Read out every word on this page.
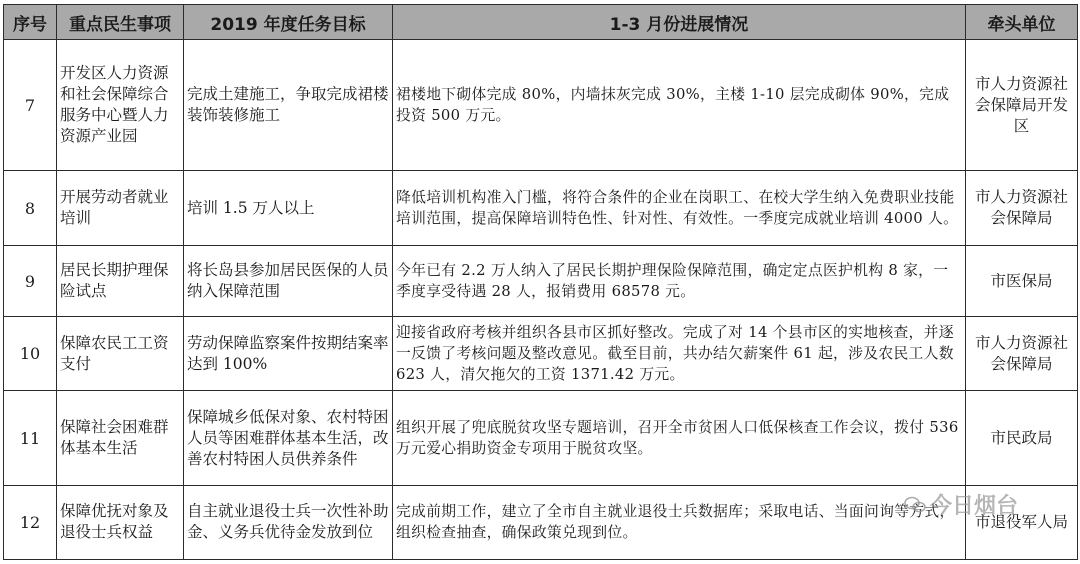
序号	重点民生事项	2019 年度任务目标	1-3 月份进展情况	牵头单位
7	开发区人力资源和社会保障综合服务中心暨人力资源产业园	完成土建施工，争取完成裙楼装饰装修施工	裙楼地下砌体完成 80%，内墙抹灰完成 30%，主楼 1-10 层完成砌体 90%，完成投资 500 万元。	市人力资源社会保障局开发区
8	开展劳动者就业培训	培训 1.5 万人以上	降低培训机构准入门槛，将符合条件的企业在岗职工、在校大学生纳入免费职业技能培训范围，提高保障培训特色性、针对性、有效性。一季度完成就业培训 4000 人。	市人力资源社会保障局
9	居民长期护理保险试点	将长岛县参加居民医保的人员纳入保障范围	今年已有 2.2 万人纳入了居民长期护理保险保障范围，确定定点医护机构 8 家，一季度享受待遇 28 人，报销费用 68578 元。	市医保局
10	保障农民工工资支付	劳动保障监察案件按期结案率达到 100%	迎接省政府考核并组织各县市区抓好整改。完成了对 14 个县市区的实地核查，并逐一反馈了考核问题及整改意见。截至目前，共办结欠薪案件 61 起，涉及农民工人数 623 人，清欠拖欠的工资 1371.42 万元。	市人力资源社会保障局
11	保障社会困难群体基本生活	保障城乡低保对象、农村特困人员等困难群体基本生活，改善农村特困人员供养条件	组织开展了兜底脱贫攻坚专题培训，召开全市贫困人口低保核查工作会议，拨付 536 万元爱心捐助资金专项用于脱贫攻坚。	市民政局
12	保障优抚对象及退役士兵权益	自主就业退役士兵一次性补助金、义务兵优待金发放到位	完成前期工作，建立了全市自主就业退役士兵数据库；采取电话、当面问询等方式，组织检查抽查，确保政策兑现到位。	市退役军人局
今日烟台
